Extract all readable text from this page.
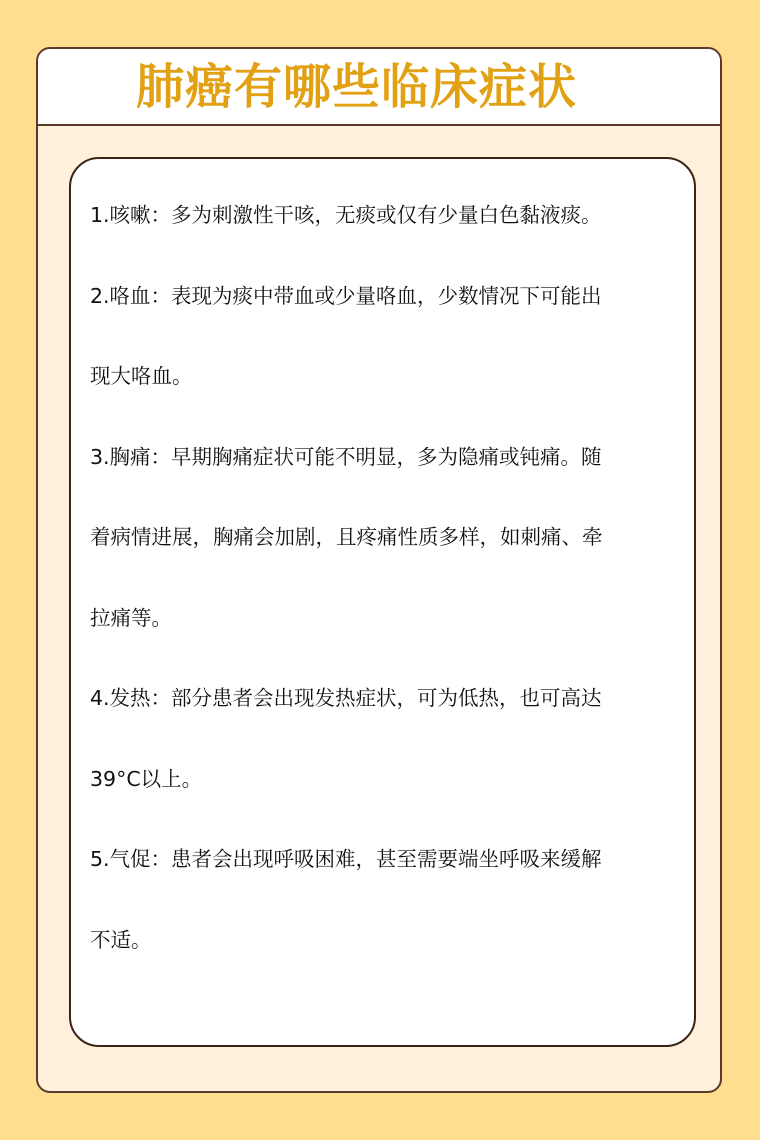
肺癌有哪些临床症状

1.咳嗽：多为刺激性干咳，无痰或仅有少量白色黏液痰。

2.咯血：表现为痰中带血或少量咯血，少数情况下可能出

现大咯血。

3.胸痛：早期胸痛症状可能不明显，多为隐痛或钝痛。随

着病情进展，胸痛会加剧，且疼痛性质多样，如刺痛、牵

拉痛等。

4.发热：部分患者会出现发热症状，可为低热，也可高达

39°C以上。

5.气促：患者会出现呼吸困难，甚至需要端坐呼吸来缓解

不适。
